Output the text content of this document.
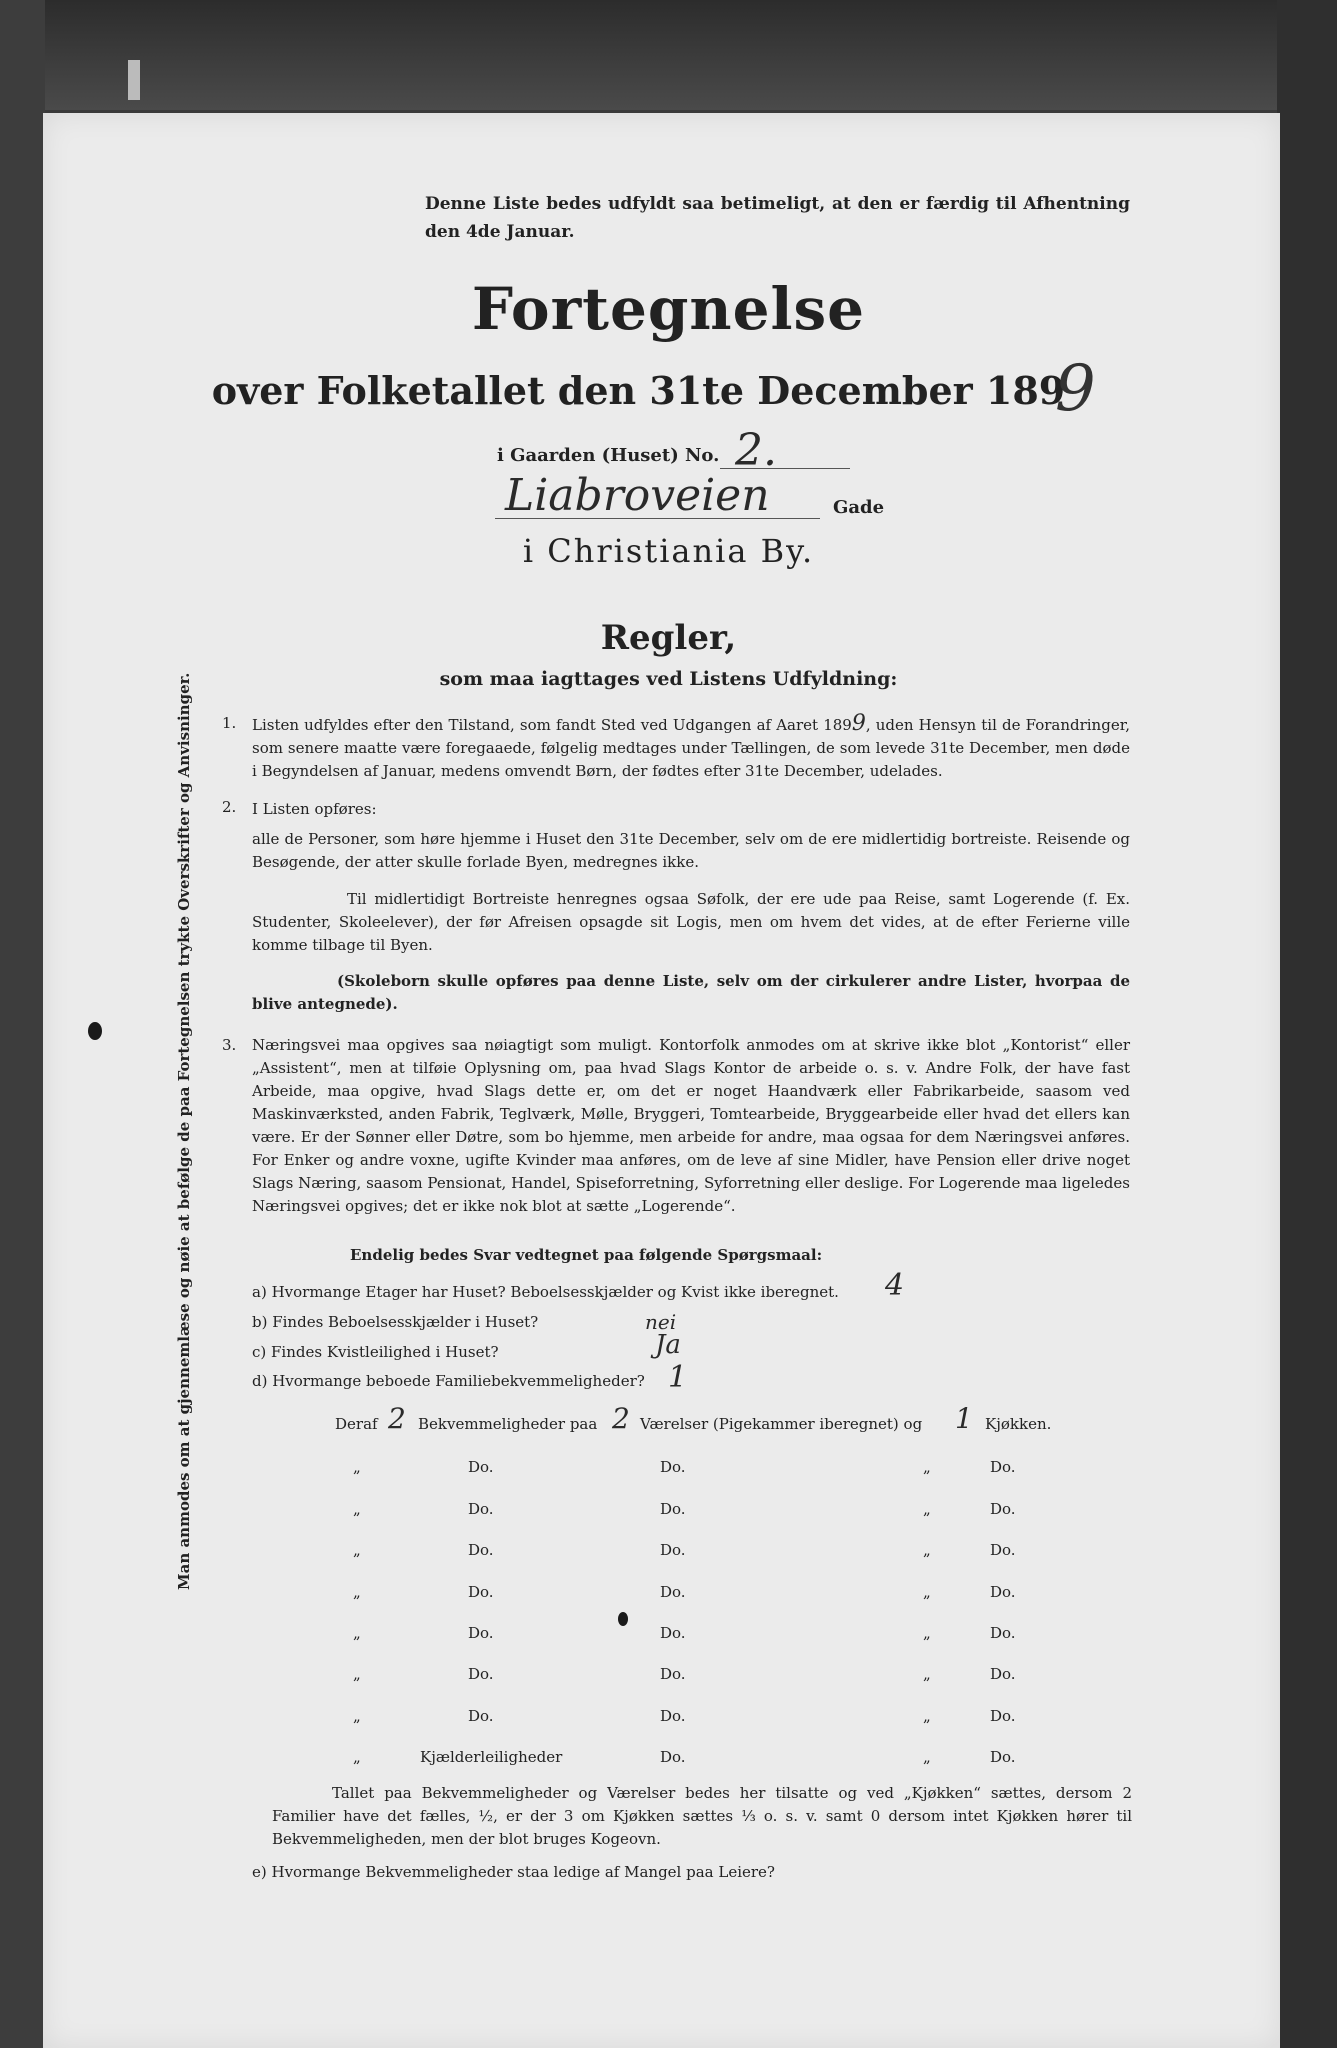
Denne Liste bedes udfyldt saa betimeligt, at den er færdig til Afhentning den 4de Januar.
Fortegnelse
over Folketallet den 31te December 189
9
i Gaarden (Huset) No. 2.
Liabroveien	Gade
i Christiania By.
Regler,
som maa iagttages ved Listens Udfyldning:
1. Listen udfyldes efter den Tilstand, som fandt Sted ved Udgangen af Aaret 1899, uden Hensyn til de Forandringer, som senere maatte være foregaaede, følgelig medtages under Tællingen, de som levede 31te December, men døde i Begyndelsen af Januar, medens omvendt Børn, der fødtes efter 31te December, udelades.
2. I Listen opføres:
alle de Personer, som høre hjemme i Huset den 31te December, selv om de ere midlertidig bortreiste. Reisende og Besøgende, der atter skulle forlade Byen, medregnes ikke.
Til midlertidigt Bortreiste henregnes ogsaa Søfolk, der ere ude paa Reise, samt Logerende (f. Ex. Studenter, Skoleelever), der før Afreisen opsagde sit Logis, men om hvem det vides, at de efter Ferierne ville komme tilbage til Byen.
(Skoleborn skulle opføres paa denne Liste, selv om der cirkulerer andre Lister, hvorpaa de blive antegnede).
3. Næringsvei maa opgives saa nøiagtigt som muligt. Kontorfolk anmodes om at skrive ikke blot „Kontorist“ eller „Assistent“, men at tilføie Oplysning om, paa hvad Slags Kontor de arbeide o. s. v. Andre Folk, der have fast Arbeide, maa opgive, hvad Slags dette er, om det er noget Haandværk eller Fabrikarbeide, saasom ved Maskinværksted, anden Fabrik, Teglværk, Mølle, Bryggeri, Tomtearbeide, Bryggearbeide eller hvad det ellers kan være. Er der Sønner eller Døtre, som bo hjemme, men arbeide for andre, maa ogsaa for dem Næringsvei anføres. For Enker og andre voxne, ugifte Kvinder maa anføres, om de leve af sine Midler, have Pension eller drive noget Slags Næring, saasom Pensionat, Handel, Spiseforretning, Syforretning eller deslige. For Logerende maa ligeledes Næringsvei opgives; det er ikke nok blot at sætte „Logerende“.
Endelig bedes Svar vedtegnet paa følgende Spørgsmaal:
a) Hvormange Etager har Huset? Beboelsesskjælder og Kvist ikke iberegnet. 4
b) Findes Beboelsesskjælder i Huset?	nei
c) Findes Kvistleilighed i Huset?	Ja
d) Hvormange beboede Familiebekvemmeligheder? 1
Deraf 2 Bekvemmeligheder paa 2 Værelser (Pigekammer iberegnet) og 1 Kjøkken.
„	Do.	Do.	„	Do.
„	Do.	Do.	„	Do.
„	Do.	Do.	„	Do.
„	Do.	Do.	„	Do.
„	Do.	Do.	„	Do.
„	Do.	Do.	„	Do.
„	Do.	Do.	„	Do.
„	Kjælderleiligheder	Do.	„	Do.
Tallet paa Bekvemmeligheder og Værelser bedes her tilsatte og ved „Kjøkken“ sættes, dersom 2 Familier have det fælles, ½, er der 3 om Kjøkken sættes ⅓ o. s. v. samt 0 dersom intet Kjøkken hører til Bekvemmeligheden, men der blot bruges Kogeovn.
e) Hvormange Bekvemmeligheder staa ledige af Mangel paa Leiere?
Man anmodes om at gjennemlæse og nøie at befølge de paa Fortegnelsen trykte Overskrifter og Anvisninger.
